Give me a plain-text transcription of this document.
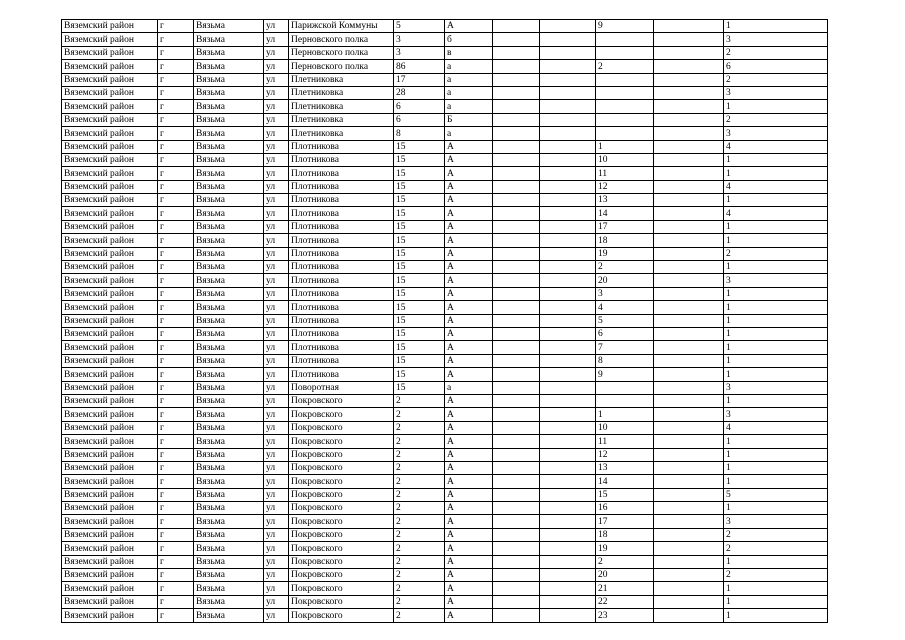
Вяземский район	г	Вязьма	ул	Парижской Коммуны	5	А			9		1
Вяземский район	г	Вязьма	ул	Перновского полка	3	б					3
Вяземский район	г	Вязьма	ул	Перновского полка	3	в					2
Вяземский район	г	Вязьма	ул	Перновского полка	86	а			2		6
Вяземский район	г	Вязьма	ул	Плетниковка	17	а					2
Вяземский район	г	Вязьма	ул	Плетниковка	28	а					3
Вяземский район	г	Вязьма	ул	Плетниковка	6	а					1
Вяземский район	г	Вязьма	ул	Плетниковка	6	Б					2
Вяземский район	г	Вязьма	ул	Плетниковка	8	а					3
Вяземский район	г	Вязьма	ул	Плотникова	15	А			1		4
Вяземский район	г	Вязьма	ул	Плотникова	15	А			10		1
Вяземский район	г	Вязьма	ул	Плотникова	15	А			11		1
Вяземский район	г	Вязьма	ул	Плотникова	15	А			12		4
Вяземский район	г	Вязьма	ул	Плотникова	15	А			13		1
Вяземский район	г	Вязьма	ул	Плотникова	15	А			14		4
Вяземский район	г	Вязьма	ул	Плотникова	15	А			17		1
Вяземский район	г	Вязьма	ул	Плотникова	15	А			18		1
Вяземский район	г	Вязьма	ул	Плотникова	15	А			19		2
Вяземский район	г	Вязьма	ул	Плотникова	15	А			2		1
Вяземский район	г	Вязьма	ул	Плотникова	15	А			20		3
Вяземский район	г	Вязьма	ул	Плотникова	15	А			3		1
Вяземский район	г	Вязьма	ул	Плотникова	15	А			4		1
Вяземский район	г	Вязьма	ул	Плотникова	15	А			5		1
Вяземский район	г	Вязьма	ул	Плотникова	15	А			6		1
Вяземский район	г	Вязьма	ул	Плотникова	15	А			7		1
Вяземский район	г	Вязьма	ул	Плотникова	15	А			8		1
Вяземский район	г	Вязьма	ул	Плотникова	15	А			9		1
Вяземский район	г	Вязьма	ул	Поворотная	15	а					3
Вяземский район	г	Вязьма	ул	Покровского	2	А					1
Вяземский район	г	Вязьма	ул	Покровского	2	А			1		3
Вяземский район	г	Вязьма	ул	Покровского	2	А			10		4
Вяземский район	г	Вязьма	ул	Покровского	2	А			11		1
Вяземский район	г	Вязьма	ул	Покровского	2	А			12		1
Вяземский район	г	Вязьма	ул	Покровского	2	А			13		1
Вяземский район	г	Вязьма	ул	Покровского	2	А			14		1
Вяземский район	г	Вязьма	ул	Покровского	2	А			15		5
Вяземский район	г	Вязьма	ул	Покровского	2	А			16		1
Вяземский район	г	Вязьма	ул	Покровского	2	А			17		3
Вяземский район	г	Вязьма	ул	Покровского	2	А			18		2
Вяземский район	г	Вязьма	ул	Покровского	2	А			19		2
Вяземский район	г	Вязьма	ул	Покровского	2	А			2		1
Вяземский район	г	Вязьма	ул	Покровского	2	А			20		2
Вяземский район	г	Вязьма	ул	Покровского	2	А			21		1
Вяземский район	г	Вязьма	ул	Покровского	2	А			22		1
Вяземский район	г	Вязьма	ул	Покровского	2	А			23		1
